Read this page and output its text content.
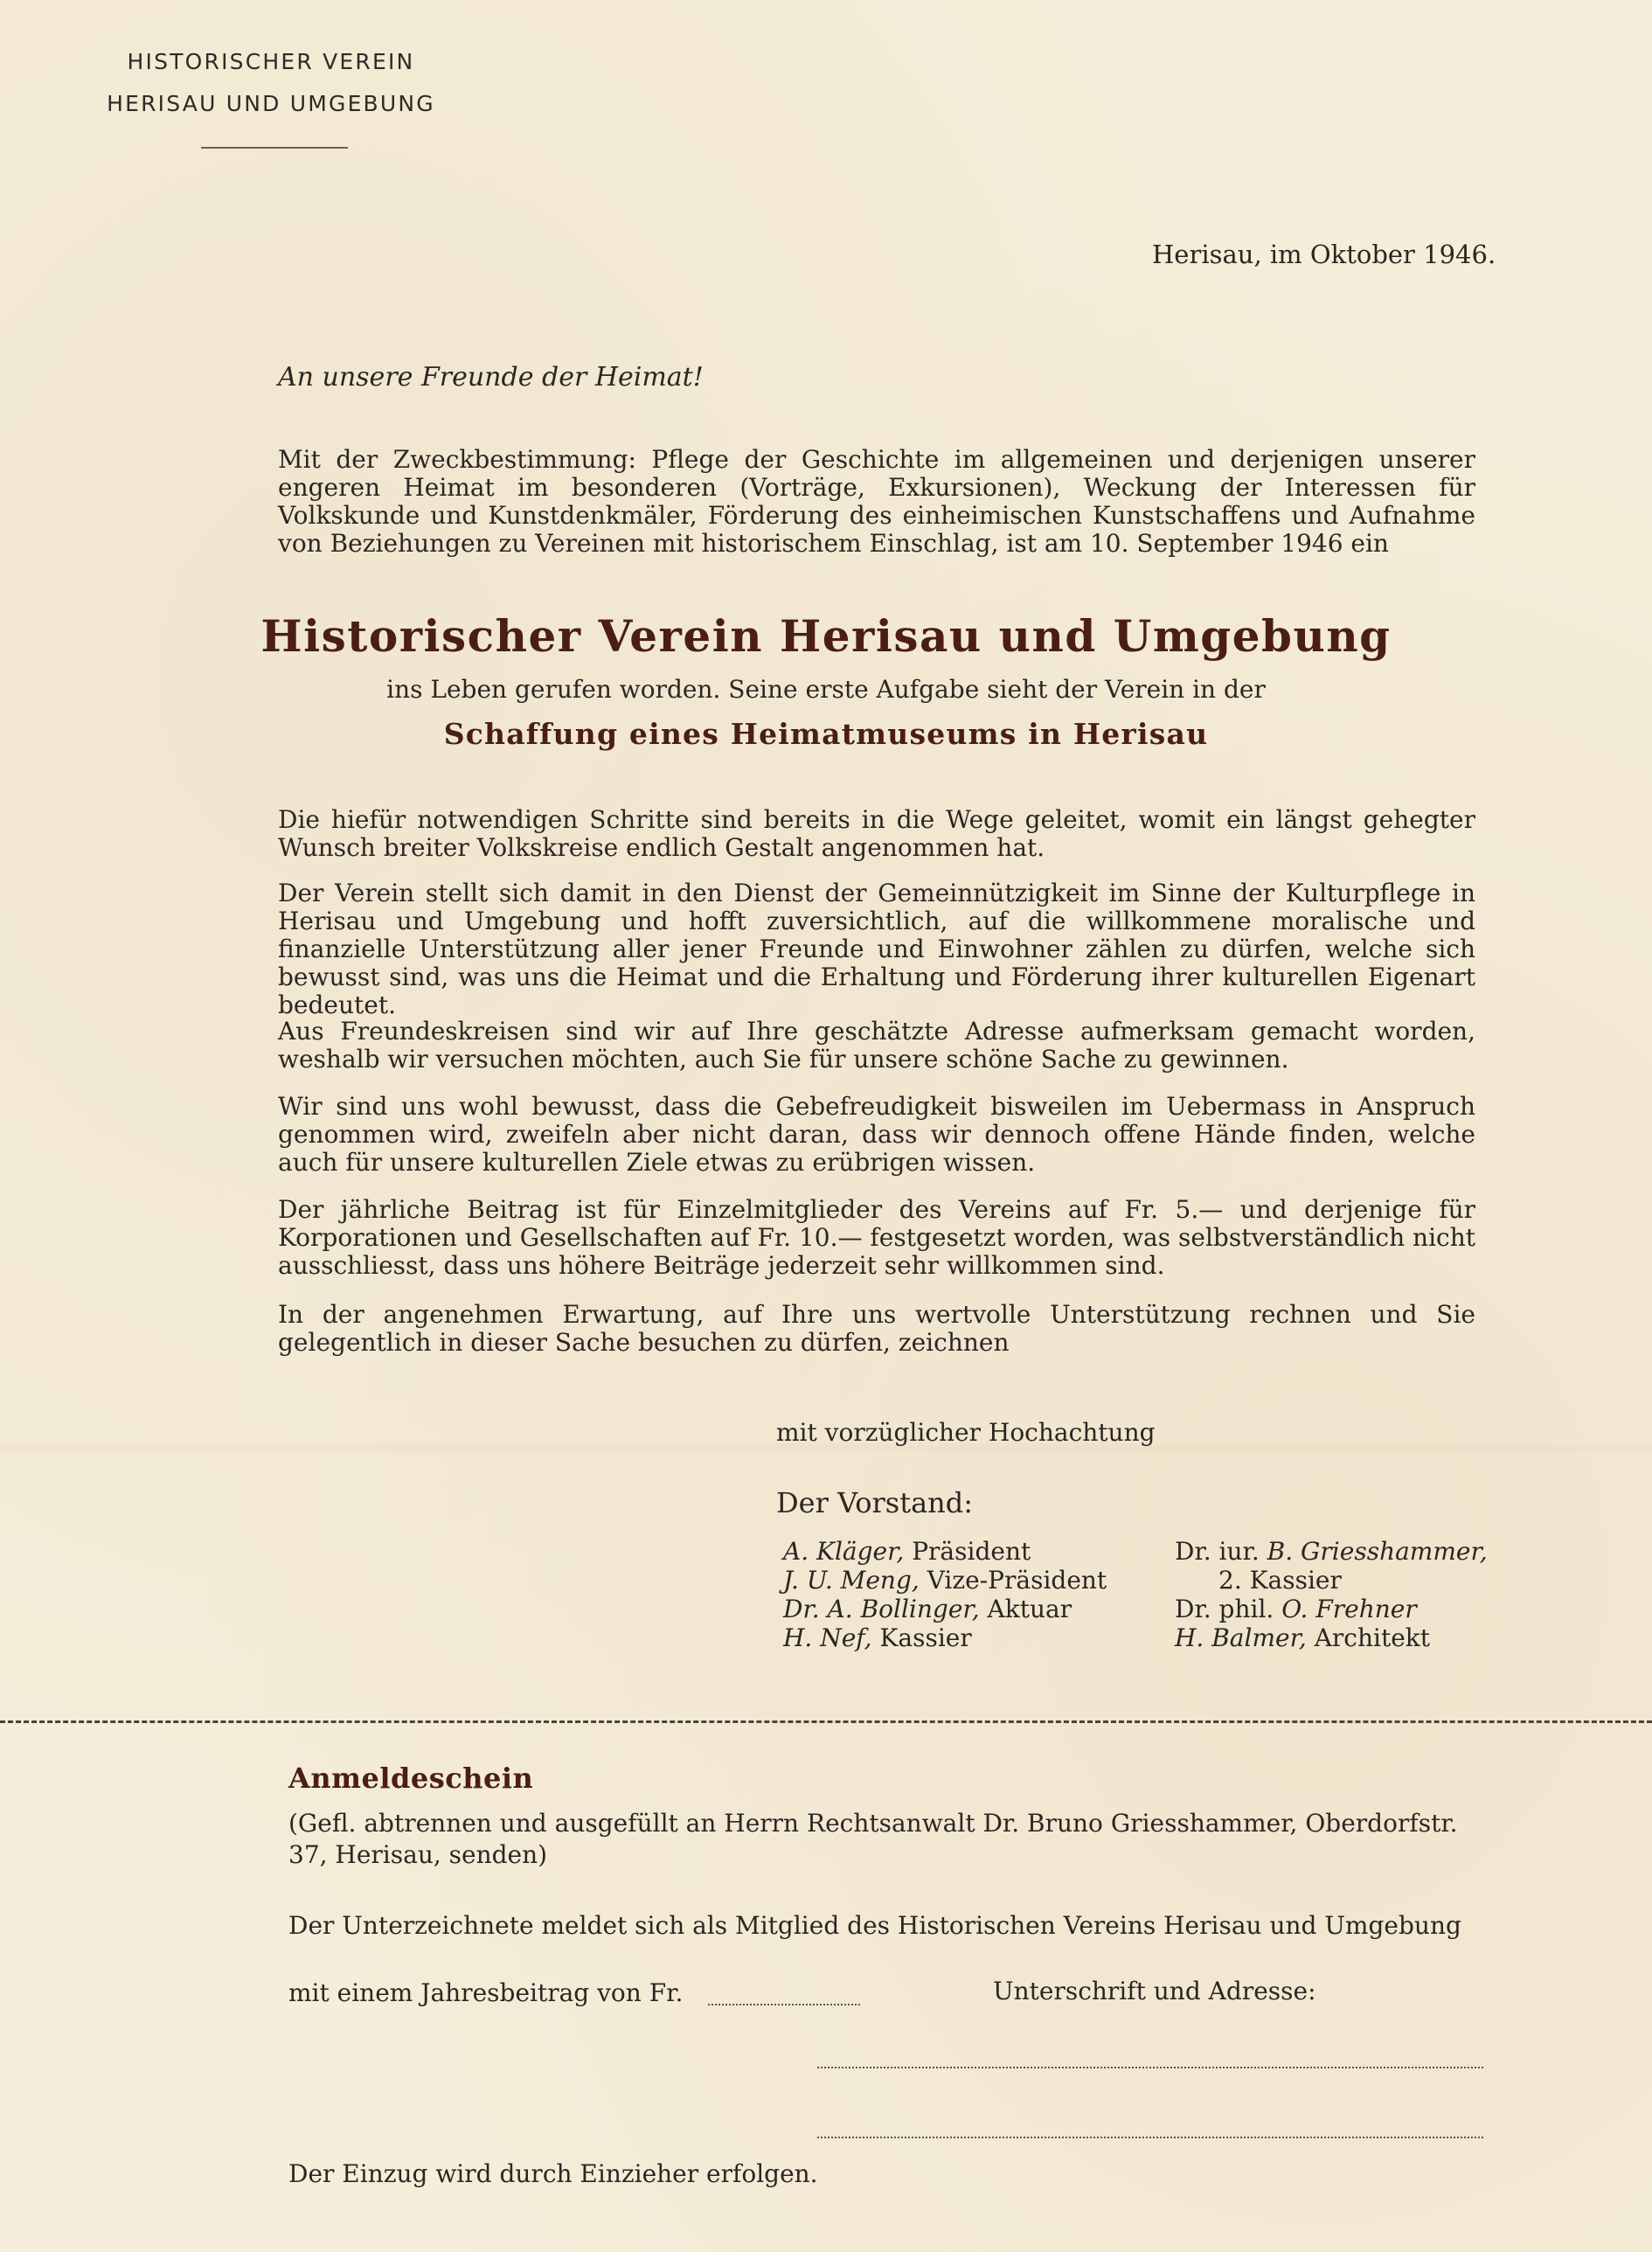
HISTORISCHER VEREIN
HERISAU UND UMGEBUNG
Herisau, im Oktober 1946.
An unsere Freunde der Heimat!
Mit der Zweckbestimmung: Pflege der Geschichte im allgemeinen und derjenigen unserer engeren Heimat im besonderen (Vorträge, Exkursionen), Weckung der Interessen für Volkskunde und Kunstdenkmäler, Förderung des einheimischen Kunstschaffens und Aufnahme von Beziehungen zu Vereinen mit historischem Einschlag, ist am 10. September 1946 ein
Historischer Verein Herisau und Umgebung
ins Leben gerufen worden. Seine erste Aufgabe sieht der Verein in der
Schaffung eines Heimatmuseums in Herisau
Die hiefür notwendigen Schritte sind bereits in die Wege geleitet, womit ein längst gehegter Wunsch breiter Volkskreise endlich Gestalt angenommen hat.
Der Verein stellt sich damit in den Dienst der Gemeinnützigkeit im Sinne der Kulturpflege in Herisau und Umgebung und hofft zuversichtlich, auf die willkommene moralische und finanzielle Unterstützung aller jener Freunde und Einwohner zählen zu dürfen, welche sich bewusst sind, was uns die Heimat und die Erhaltung und Förderung ihrer kulturellen Eigenart bedeutet.
Aus Freundeskreisen sind wir auf Ihre geschätzte Adresse aufmerksam gemacht worden, weshalb wir versuchen möchten, auch Sie für unsere schöne Sache zu gewinnen.
Wir sind uns wohl bewusst, dass die Gebefreudigkeit bisweilen im Uebermass in Anspruch genommen wird, zweifeln aber nicht daran, dass wir dennoch offene Hände finden, welche auch für unsere kulturellen Ziele etwas zu erübrigen wissen.
Der jährliche Beitrag ist für Einzelmitglieder des Vereins auf Fr. 5.— und derjenige für Korporationen und Gesellschaften auf Fr. 10.— festgesetzt worden, was selbstverständlich nicht ausschliesst, dass uns höhere Beiträge jederzeit sehr willkommen sind.
In der angenehmen Erwartung, auf Ihre uns wertvolle Unterstützung rechnen und Sie gelegentlich in dieser Sache besuchen zu dürfen, zeichnen
mit vorzüglicher Hochachtung
Der Vorstand:
A. Kläger, Präsident
J. U. Meng, Vize-Präsident
Dr. A. Bollinger, Aktuar
H. Nef, Kassier
Dr. iur. B. Griesshammer,
2. Kassier
Dr. phil. O. Frehner
H. Balmer, Architekt
Anmeldeschein
(Gefl. abtrennen und ausgefüllt an Herrn Rechtsanwalt Dr. Bruno Griesshammer, Oberdorfstr. 37, Herisau, senden)
Der Unterzeichnete meldet sich als Mitglied des Historischen Vereins Herisau und Umgebung
mit einem Jahresbeitrag von Fr.	Unterschrift und Adresse:
Der Einzug wird durch Einzieher erfolgen.
